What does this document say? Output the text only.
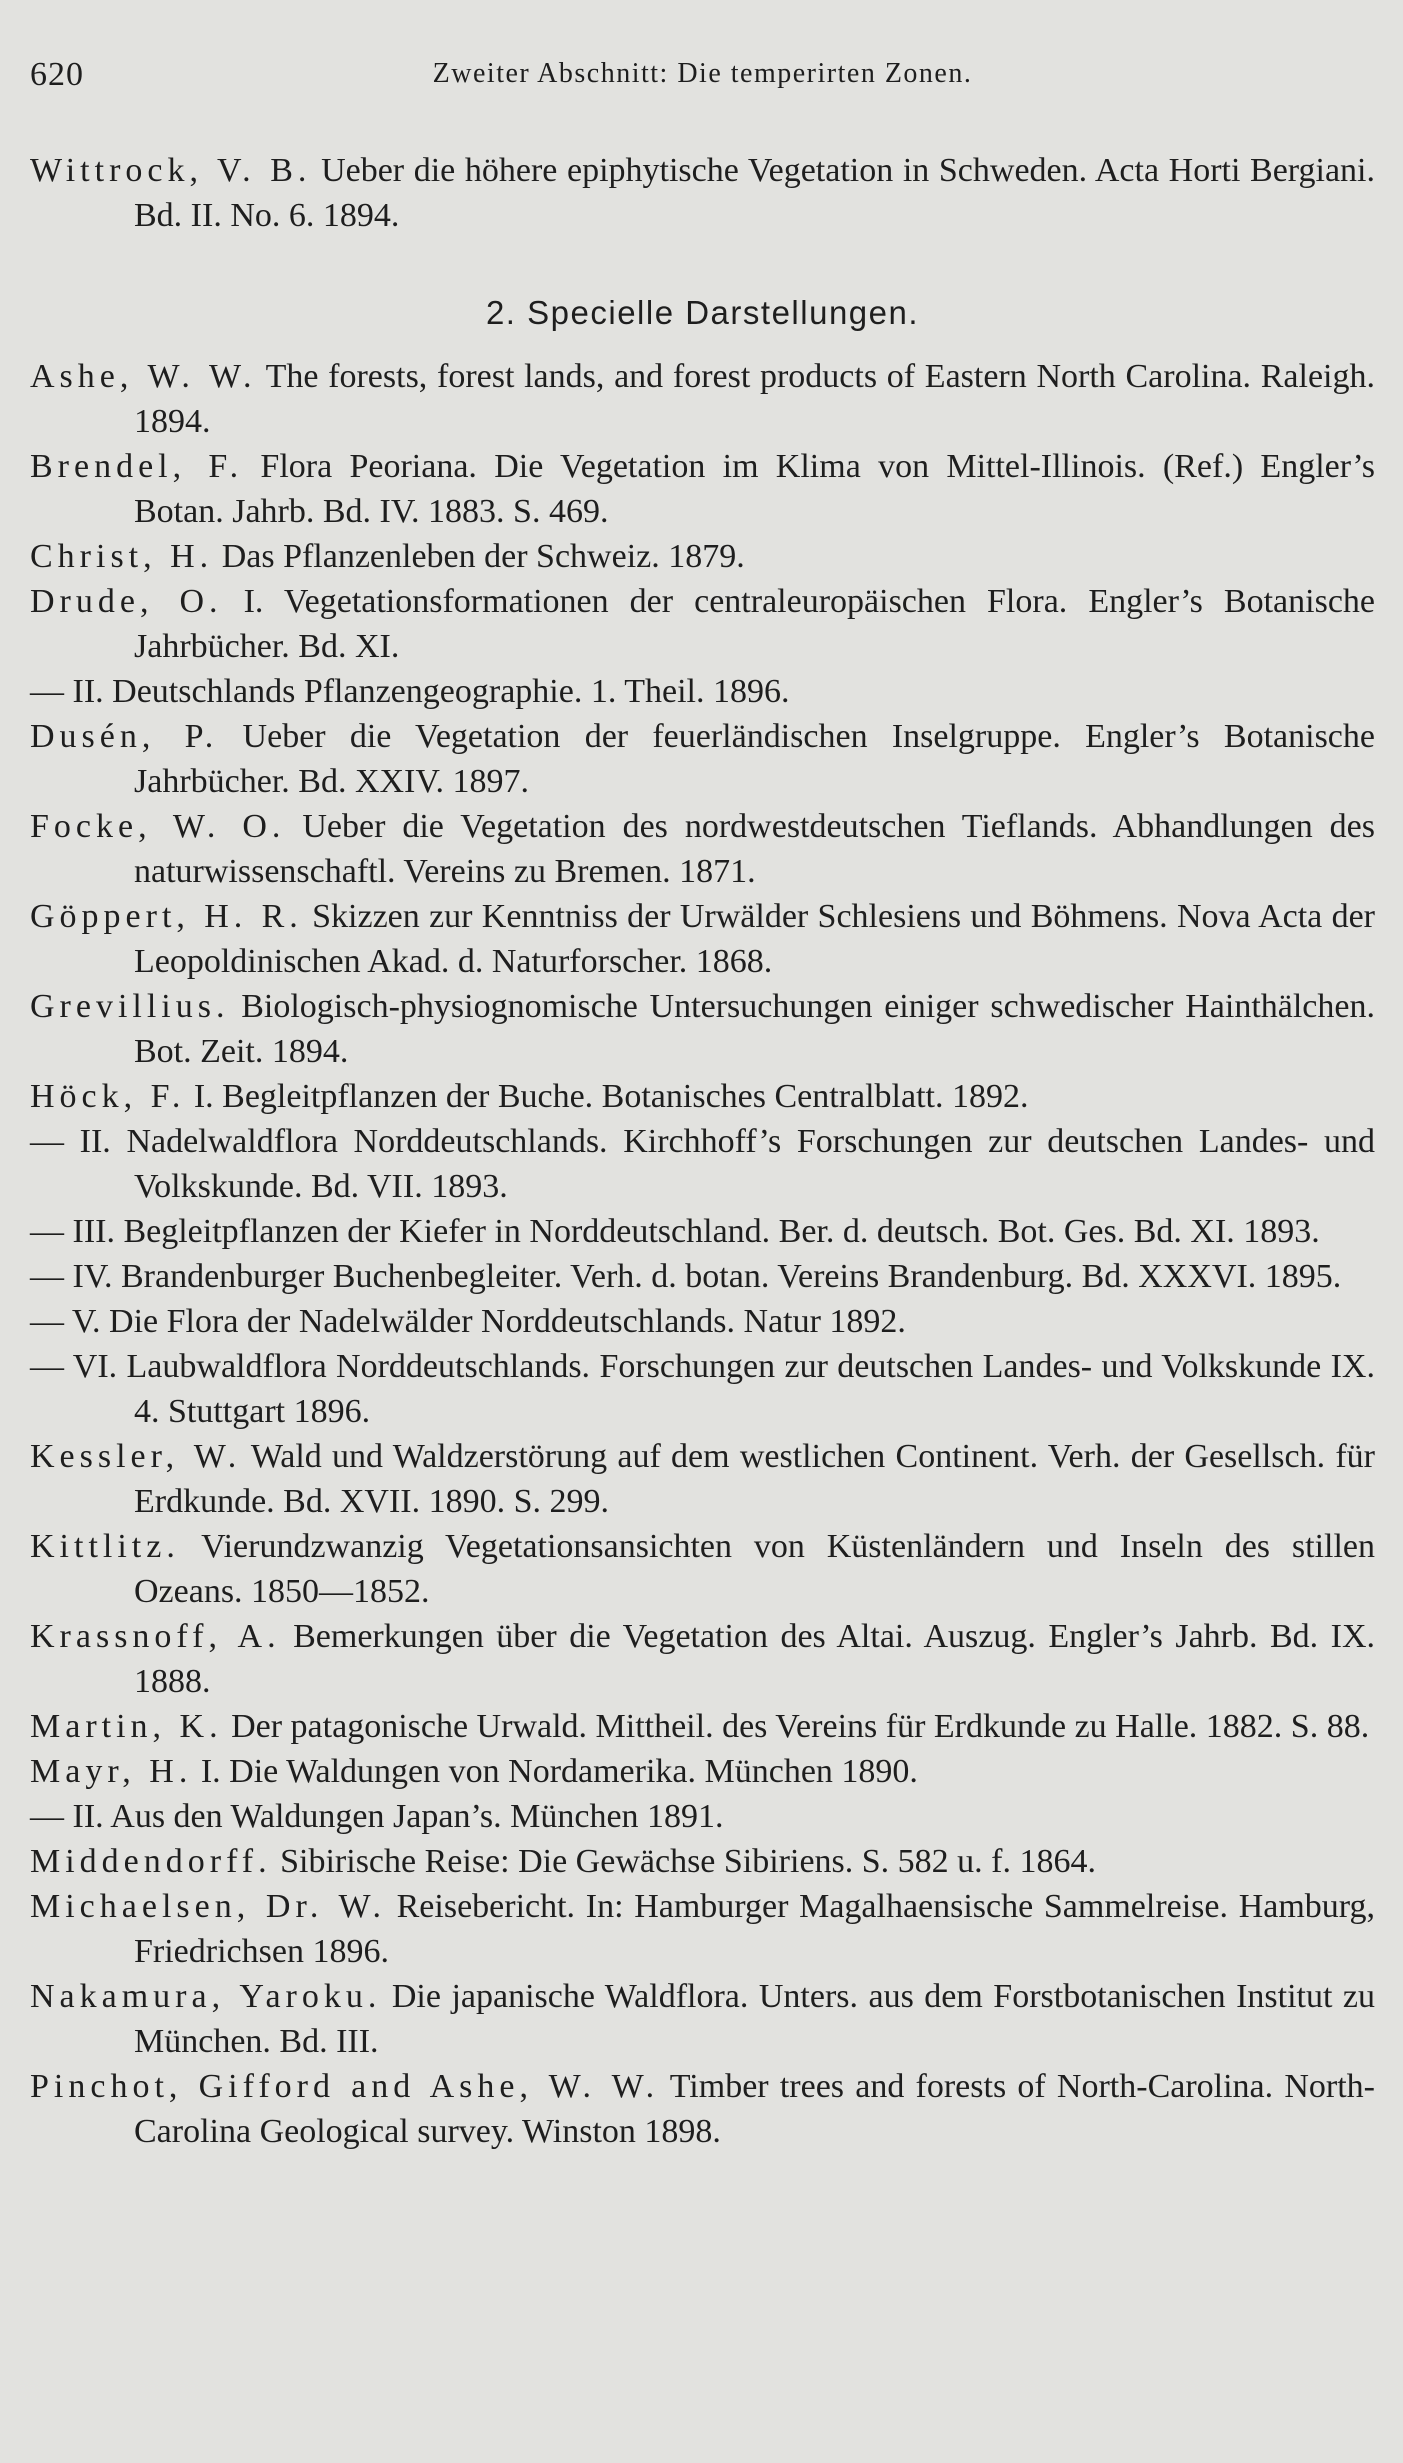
620	Zweiter Abschnitt: Die temperirten Zonen.

Wittrock, V. B. Ueber die höhere epiphytische Vegetation in Schweden. Acta Horti Bergiani. Bd. II. No. 6. 1894.

2. Specielle Darstellungen.

Ashe, W. W. The forests, forest lands, and forest products of Eastern North Carolina. Raleigh. 1894.

Brendel, F. Flora Peoriana. Die Vegetation im Klima von Mittel-Illinois. (Ref.) Engler’s Botan. Jahrb. Bd. IV. 1883. S. 469.

Christ, H. Das Pflanzenleben der Schweiz. 1879.

Drude, O. I. Vegetationsformationen der centraleuropäischen Flora. Engler’s Botanische Jahrbücher. Bd. XI.

— II. Deutschlands Pflanzengeographie. 1. Theil. 1896.

Dusén, P. Ueber die Vegetation der feuerländischen Inselgruppe. Engler’s Botanische Jahrbücher. Bd. XXIV. 1897.

Focke, W. O. Ueber die Vegetation des nordwestdeutschen Tieflands. Abhandlungen des naturwissenschaftl. Vereins zu Bremen. 1871.

Göppert, H. R. Skizzen zur Kenntniss der Urwälder Schlesiens und Böhmens. Nova Acta der Leopoldinischen Akad. d. Naturforscher. 1868.

Grevillius. Biologisch-physiognomische Untersuchungen einiger schwedischer Hainthälchen. Bot. Zeit. 1894.

Höck, F. I. Begleitpflanzen der Buche. Botanisches Centralblatt. 1892.

— II. Nadelwaldflora Norddeutschlands. Kirchhoff’s Forschungen zur deutschen Landes- und Volkskunde. Bd. VII. 1893.

— III. Begleitpflanzen der Kiefer in Norddeutschland. Ber. d. deutsch. Bot. Ges. Bd. XI. 1893.

— IV. Brandenburger Buchenbegleiter. Verh. d. botan. Vereins Brandenburg. Bd. XXXVI. 1895.

— V. Die Flora der Nadelwälder Norddeutschlands. Natur 1892.

— VI. Laubwaldflora Norddeutschlands. Forschungen zur deutschen Landes- und Volkskunde IX. 4. Stuttgart 1896.

Kessler, W. Wald und Waldzerstörung auf dem westlichen Continent. Verh. der Gesellsch. für Erdkunde. Bd. XVII. 1890. S. 299.

Kittlitz. Vierundzwanzig Vegetationsansichten von Küstenländern und Inseln des stillen Ozeans. 1850—1852.

Krassnoff, A. Bemerkungen über die Vegetation des Altai. Auszug. Engler’s Jahrb. Bd. IX. 1888.

Martin, K. Der patagonische Urwald. Mittheil. des Vereins für Erdkunde zu Halle. 1882. S. 88.

Mayr, H. I. Die Waldungen von Nordamerika. München 1890.

— II. Aus den Waldungen Japan’s. München 1891.

Middendorff. Sibirische Reise: Die Gewächse Sibiriens. S. 582 u. f. 1864.

Michaelsen, Dr. W. Reisebericht. In: Hamburger Magalhaensische Sammelreise. Hamburg, Friedrichsen 1896.

Nakamura, Yaroku. Die japanische Waldflora. Unters. aus dem Forstbotanischen Institut zu München. Bd. III.

Pinchot, Gifford and Ashe, W. W. Timber trees and forests of North-Carolina. North-Carolina Geological survey. Winston 1898.
